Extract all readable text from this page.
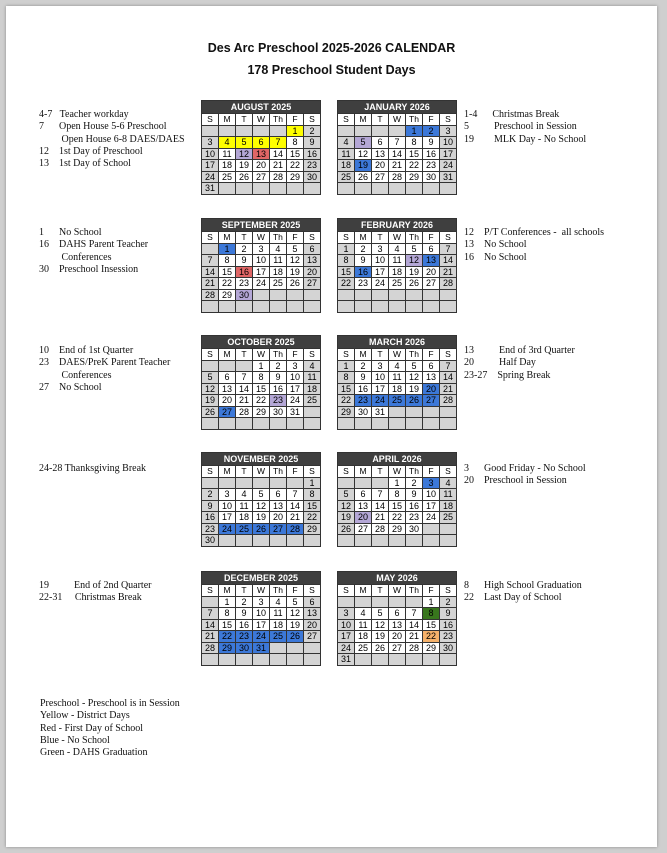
Des Arc Preschool 2025-2026 CALENDAR
178 Preschool Student Days
AUGUST 2025						
S	M	T	W	Th	F	S
					1	2
3	4	5	6	7	8	9
10	11	12	13	14	15	16
17	18	19	20	21	22	23
24	25	26	27	28	29	30
31						
JANUARY 2026						
S	M	T	W	Th	F	S
				1	2	3
4	5	6	7	8	9	10
11	12	13	14	15	16	17
18	19	20	21	22	23	24
25	26	27	28	29	30	31

SEPTEMBER 2025						
S	M	T	W	Th	F	S
	1	2	3	4	5	6
7	8	9	10	11	12	13
14	15	16	17	18	19	20
21	22	23	24	25	26	27
28	29	30				

FEBRUARY 2026						
S	M	T	W	Th	F	S
1	2	3	4	5	6	7
8	9	10	11	12	13	14
15	16	17	18	19	20	21
22	23	24	25	26	27	28

OCTOBER 2025						
S	M	T	W	Th	F	S
			1	2	3	4
5	6	7	8	9	10	11
12	13	14	15	16	17	18
19	20	21	22	23	24	25
26	27	28	29	30	31	

MARCH 2026						
S	M	T	W	Th	F	S
1	2	3	4	5	6	7
8	9	10	11	12	13	14
15	16	17	18	19	20	21
22	23	24	25	26	27	28
29	30	31				

NOVEMBER 2025						
S	M	T	W	Th	F	S
						1
2	3	4	5	6	7	8
9	10	11	12	13	14	15
16	17	18	19	20	21	22
23	24	25	26	27	28	29
30						
APRIL 2026						
S	M	T	W	Th	F	S
			1	2	3	4
5	6	7	8	9	10	11
12	13	14	15	16	17	18
19	20	21	22	23	24	25
26	27	28	29	30		

DECEMBER 2025						
S	M	T	W	Th	F	S
	1	2	3	4	5	6
7	8	9	10	11	12	13
14	15	16	17	18	19	20
21	22	23	24	25	26	27
28	29	30	31			

MAY 2026						
S	M	T	W	Th	F	S
					1	2
3	4	5	6	7	8	9
10	11	12	13	14	15	16
17	18	19	20	21	22	23
24	25	26	27	28	29	30
31						
4-7   Teacher workday
7      Open House 5-6 Preschool
Open House 6-8 DAES/DAES
12    1st Day of Preschool
13    1st Day of School
1      No School
16    DAHS Parent Teacher
Conferences
30    Preschool Insession
10    End of 1st Quarter
23    DAES/PreK Parent Teacher
Conferences
27    No School
24-28 Thanksgiving Break
19          End of 2nd Quarter
22-31     Christmas Break
1-4      Christmas Break
5          Preschool in Session
19        MLK Day - No School
12    P/T Conferences -  all schools
13    No School
16    No School
13          End of 3rd Quarter
20          Half Day
23-27    Spring Break
3      Good Friday - No School
20    Preschool in Session
8      High School Graduation
22    Last Day of School
Preschool - Preschool is in Session
Yellow - District Days
Red - First Day of School
Blue - No School
Green - DAHS Graduation
